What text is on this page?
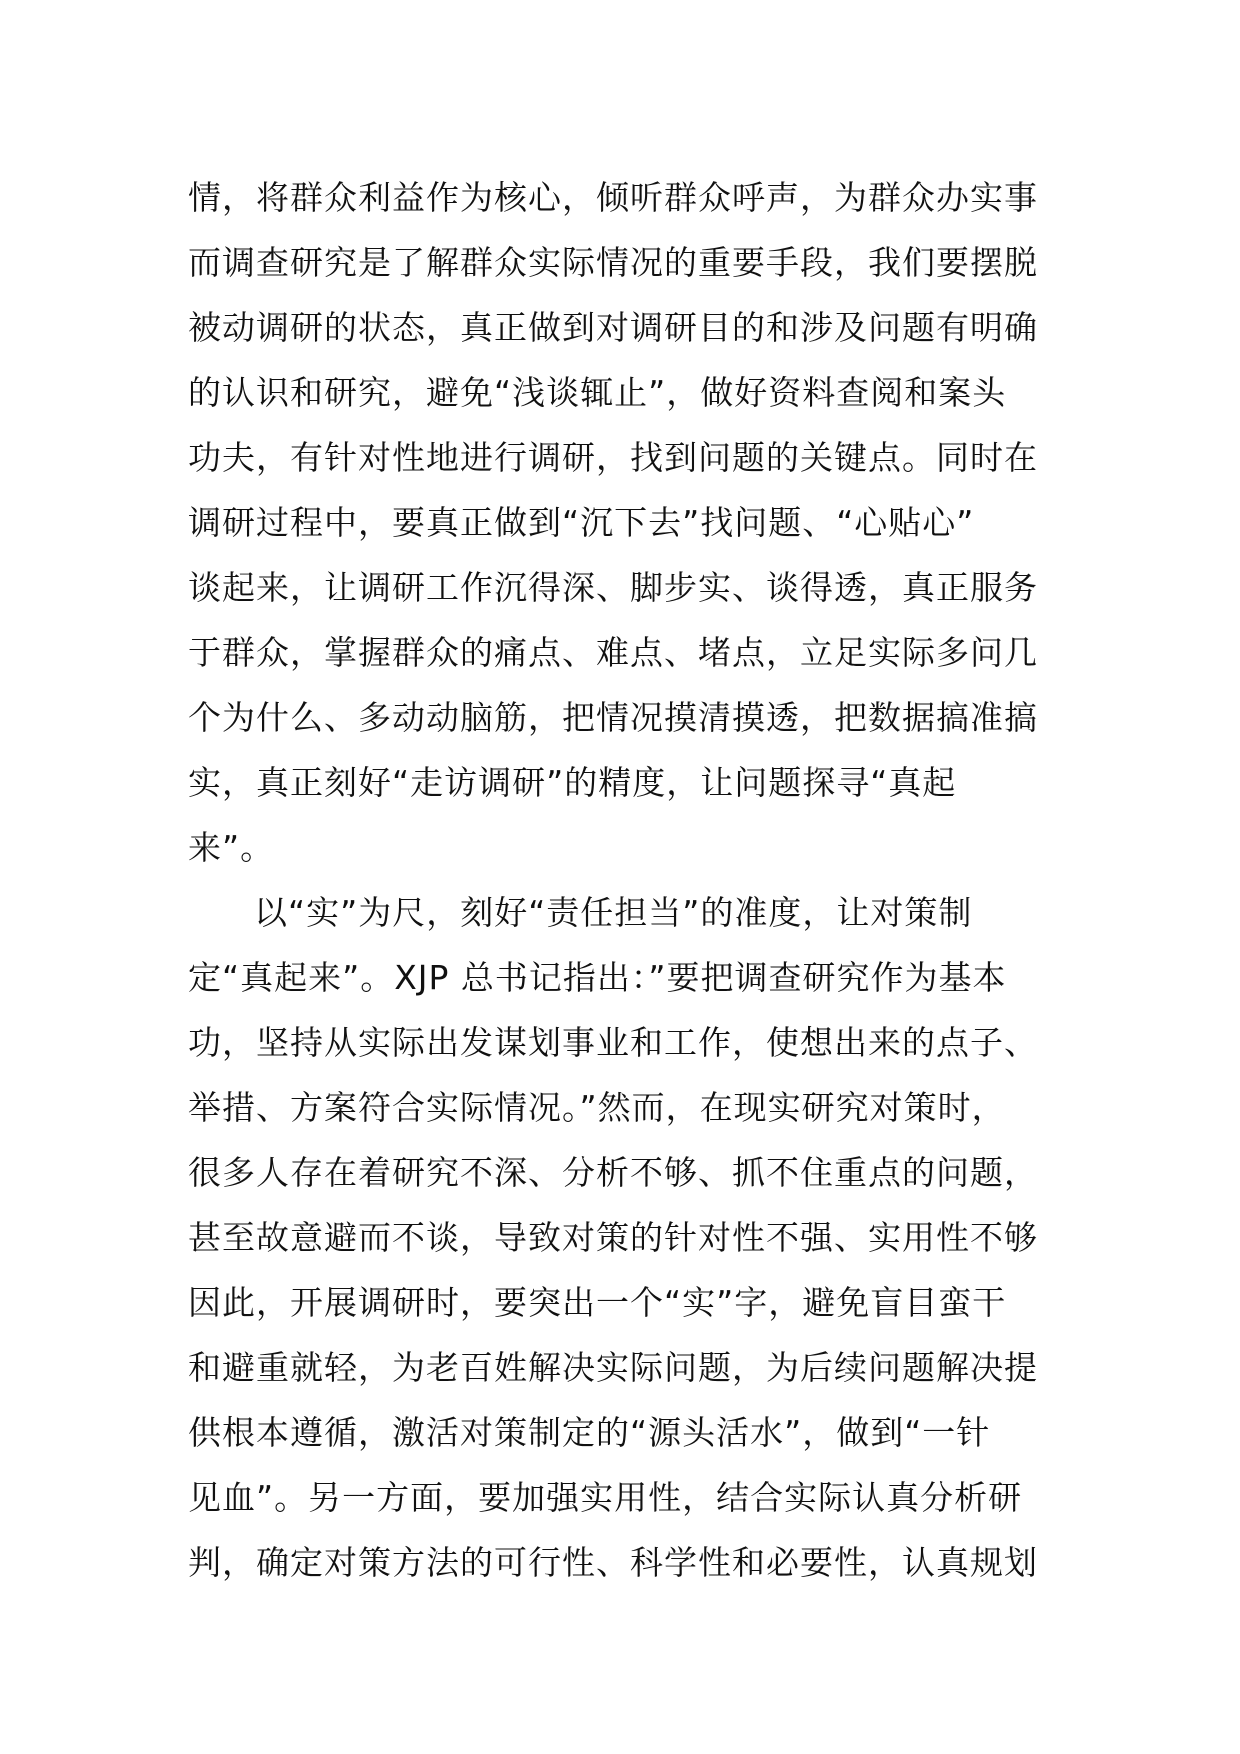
情，将群众利益作为核心，倾听群众呼声，为群众办实事
而调查研究是了解群众实际情况的重要手段，我们要摆脱
被动调研的状态，真正做到对调研目的和涉及问题有明确
的认识和研究，避免“浅谈辄止”，做好资料查阅和案头
功夫，有针对性地进行调研，找到问题的关键点。同时在
调研过程中，要真正做到“沉下去”找问题、“心贴心”
谈起来，让调研工作沉得深、脚步实、谈得透，真正服务
于群众，掌握群众的痛点、难点、堵点，立足实际多问几
个为什么、多动动脑筋，把情况摸清摸透，把数据搞准搞
实，真正刻好“走访调研”的精度，让问题探寻“真起
来”。
以“实”为尺，刻好“责任担当”的准度，让对策制
定“真起来”。XJP 总书记指出：”要把调查研究作为基本
功，坚持从实际出发谋划事业和工作，使想出来的点子、
举措、方案符合实际情况。”然而，在现实研究对策时，
很多人存在着研究不深、分析不够、抓不住重点的问题，
甚至故意避而不谈，导致对策的针对性不强、实用性不够
因此，开展调研时，要突出一个“实”字，避免盲目蛮干
和避重就轻，为老百姓解决实际问题，为后续问题解决提
供根本遵循，激活对策制定的“源头活水”，做到“一针
见血”。另一方面，要加强实用性，结合实际认真分析研
判，确定对策方法的可行性、科学性和必要性，认真规划
